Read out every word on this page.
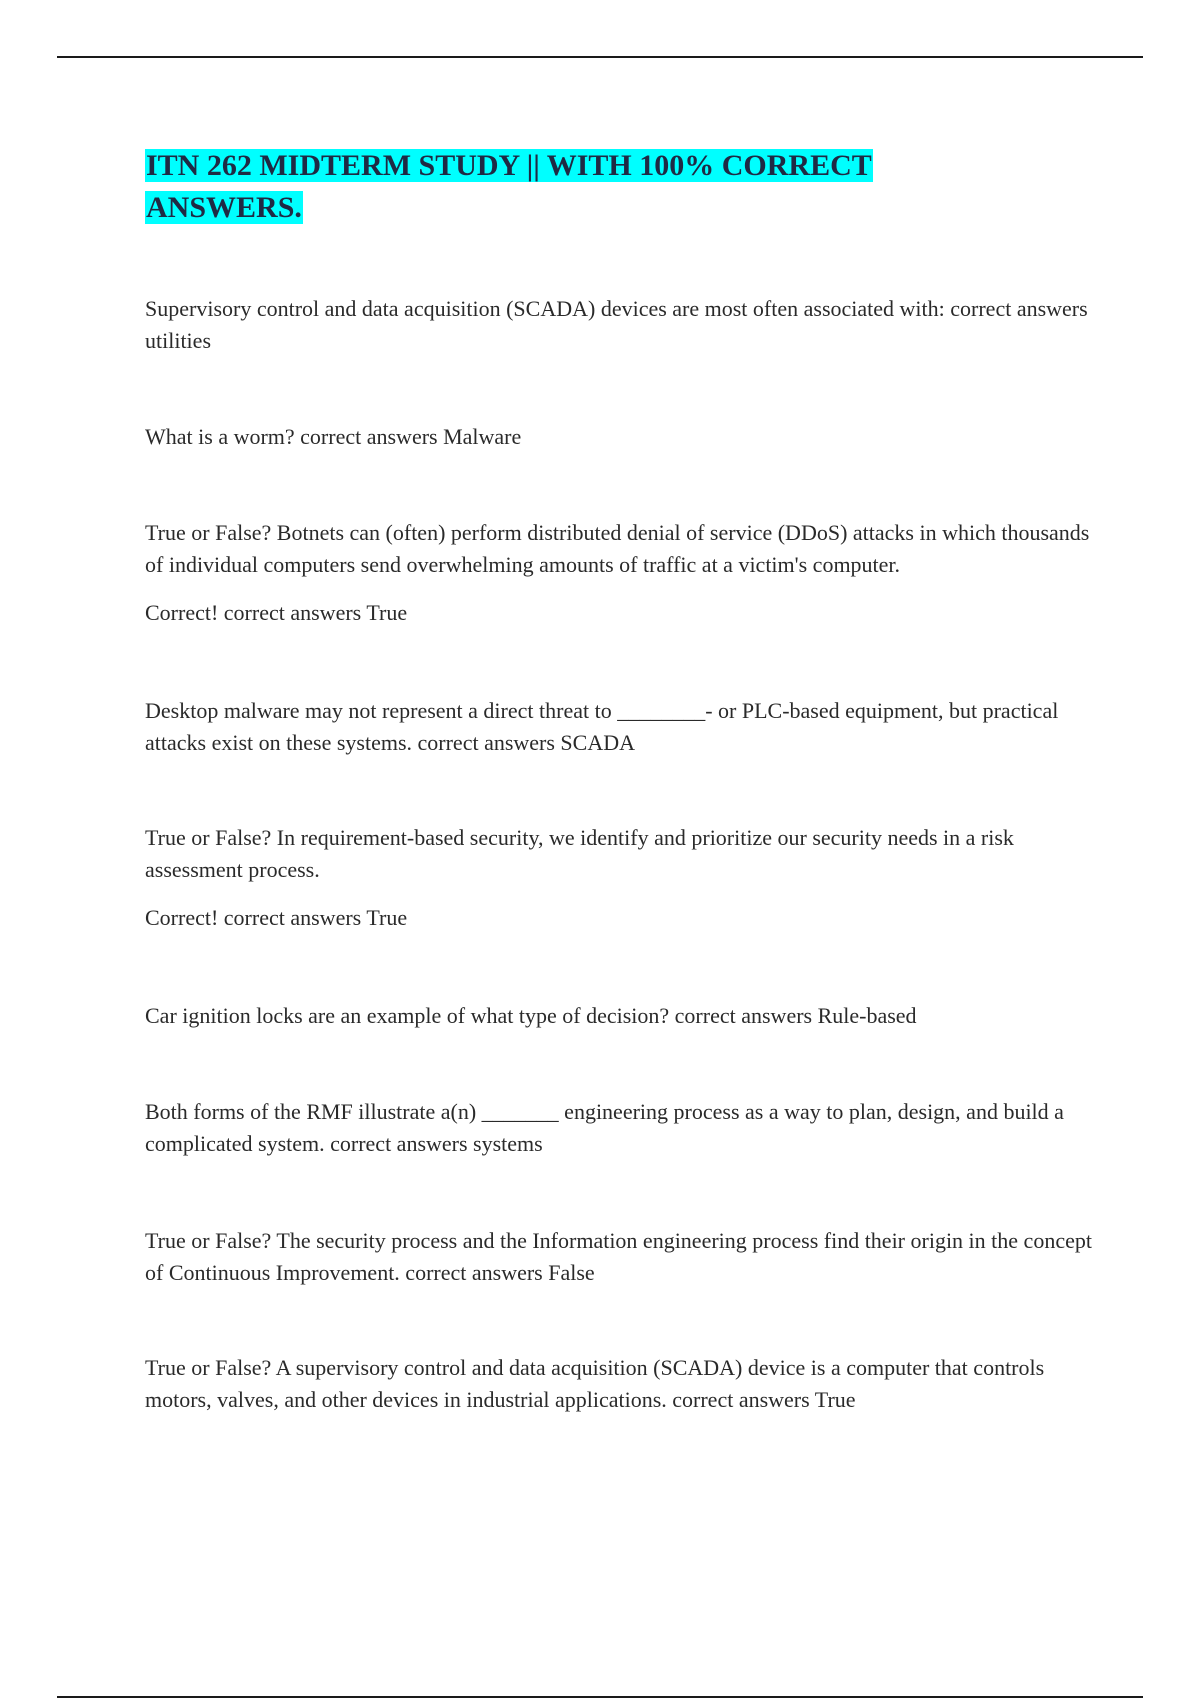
ITN 262 MIDTERM STUDY || WITH 100% CORRECT ANSWERS.

Supervisory control and data acquisition (SCADA) devices are most often associated with: correct answers utilities

What is a worm? correct answers Malware

True or False? Botnets can (often) perform distributed denial of service (DDoS) attacks in which thousands of individual computers send overwhelming amounts of traffic at a victim's computer.

Correct! correct answers True

Desktop malware may not represent a direct threat to ________- or PLC-based equipment, but practical attacks exist on these systems. correct answers SCADA

True or False? In requirement-based security, we identify and prioritize our security needs in a risk assessment process.

Correct! correct answers True

Car ignition locks are an example of what type of decision? correct answers Rule-based

Both forms of the RMF illustrate a(n) _______ engineering process as a way to plan, design, and build a complicated system. correct answers systems

True or False? The security process and the Information engineering process find their origin in the concept of Continuous Improvement. correct answers False

True or False? A supervisory control and data acquisition (SCADA) device is a computer that controls motors, valves, and other devices in industrial applications. correct answers True
